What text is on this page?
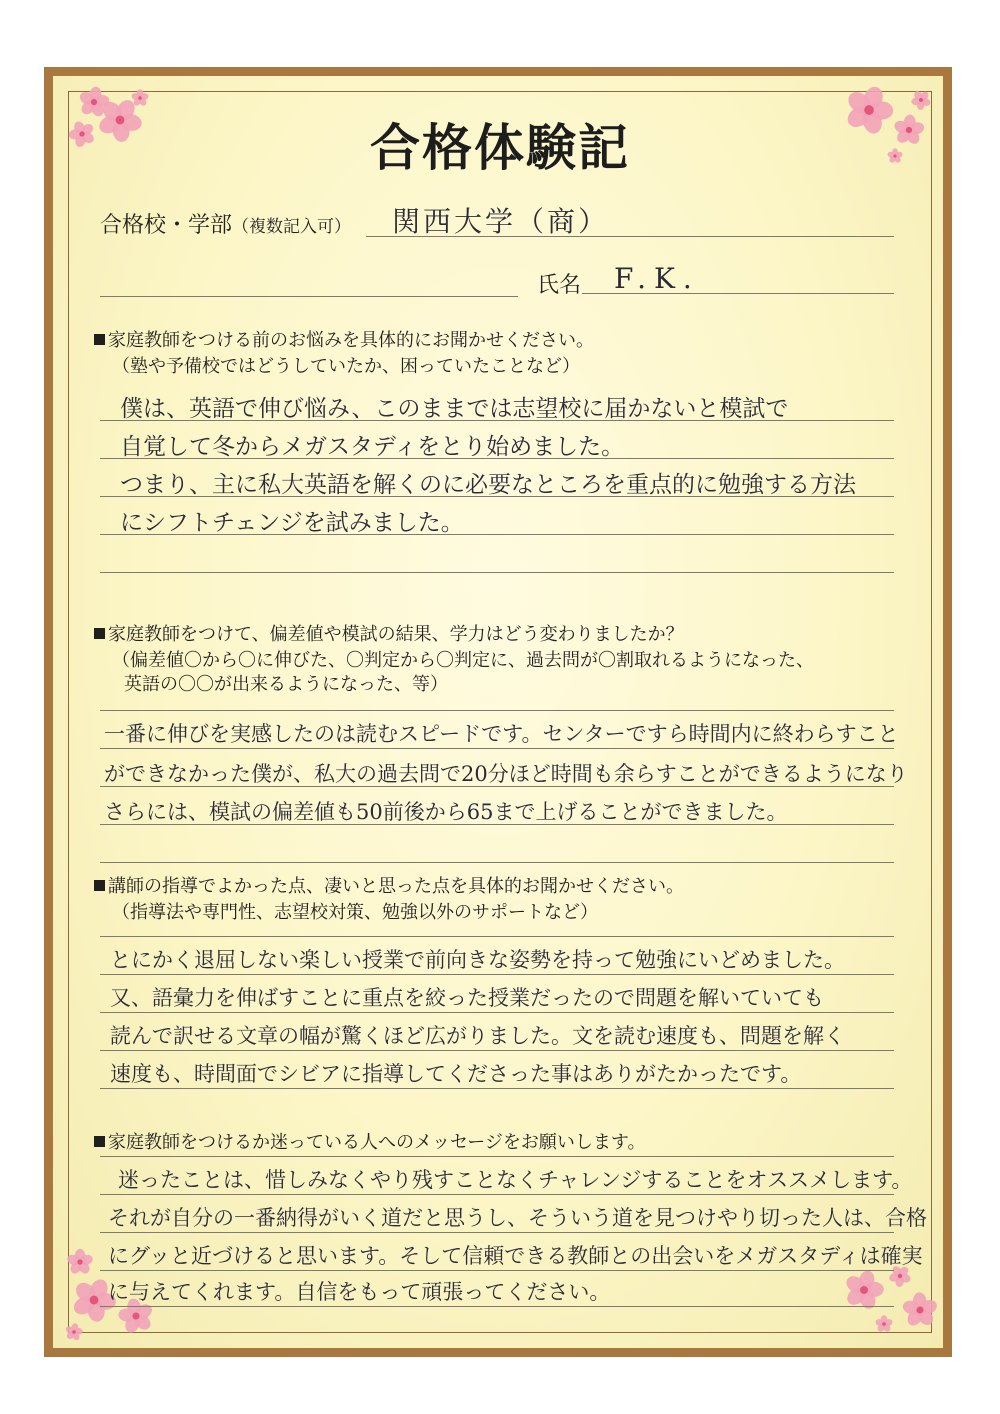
合格体験記
合格校・学部（複数記入可） 関西大学（商）
氏名 F.K.
家庭教師をつける前のお悩みを具体的にお聞かせください。
（塾や予備校ではどうしていたか、困っていたことなど）
僕は、英語で伸び悩み、このままでは志望校に届かないと模試で
自覚して冬からメガスタディをとり始めました。
つまり、主に私大英語を解くのに必要なところを重点的に勉強する方法
にシフトチェンジを試みました。
家庭教師をつけて、偏差値や模試の結果、学力はどう変わりましたか？
（偏差値〇から〇に伸びた、〇判定から〇判定に、過去問が〇割取れるようになった、
英語の〇〇が出来るようになった、等）
一番に伸びを実感したのは読むスピードです。センターですら時間内に終わらすこと
ができなかった僕が、私大の過去問で20分ほど時間も余らすことができるようになり
さらには、模試の偏差値も50前後から65まで上げることができました。
講師の指導でよかった点、凄いと思った点を具体的お聞かせください。
（指導法や専門性、志望校対策、勉強以外のサポートなど）
とにかく退屈しない楽しい授業で前向きな姿勢を持って勉強にいどめました。
又、語彙力を伸ばすことに重点を絞った授業だったので問題を解いていても
読んで訳せる文章の幅が驚くほど広がりました。文を読む速度も、問題を解く
速度も、時間面でシビアに指導してくださった事はありがたかったです。
家庭教師をつけるか迷っている人へのメッセージをお願いします。
迷ったことは、惜しみなくやり残すことなくチャレンジすることをオススメします。
それが自分の一番納得がいく道だと思うし、そういう道を見つけやり切った人は、合格
にグッと近づけると思います。そして信頼できる教師との出会いをメガスタディは確実
に与えてくれます。自信をもって頑張ってください。
